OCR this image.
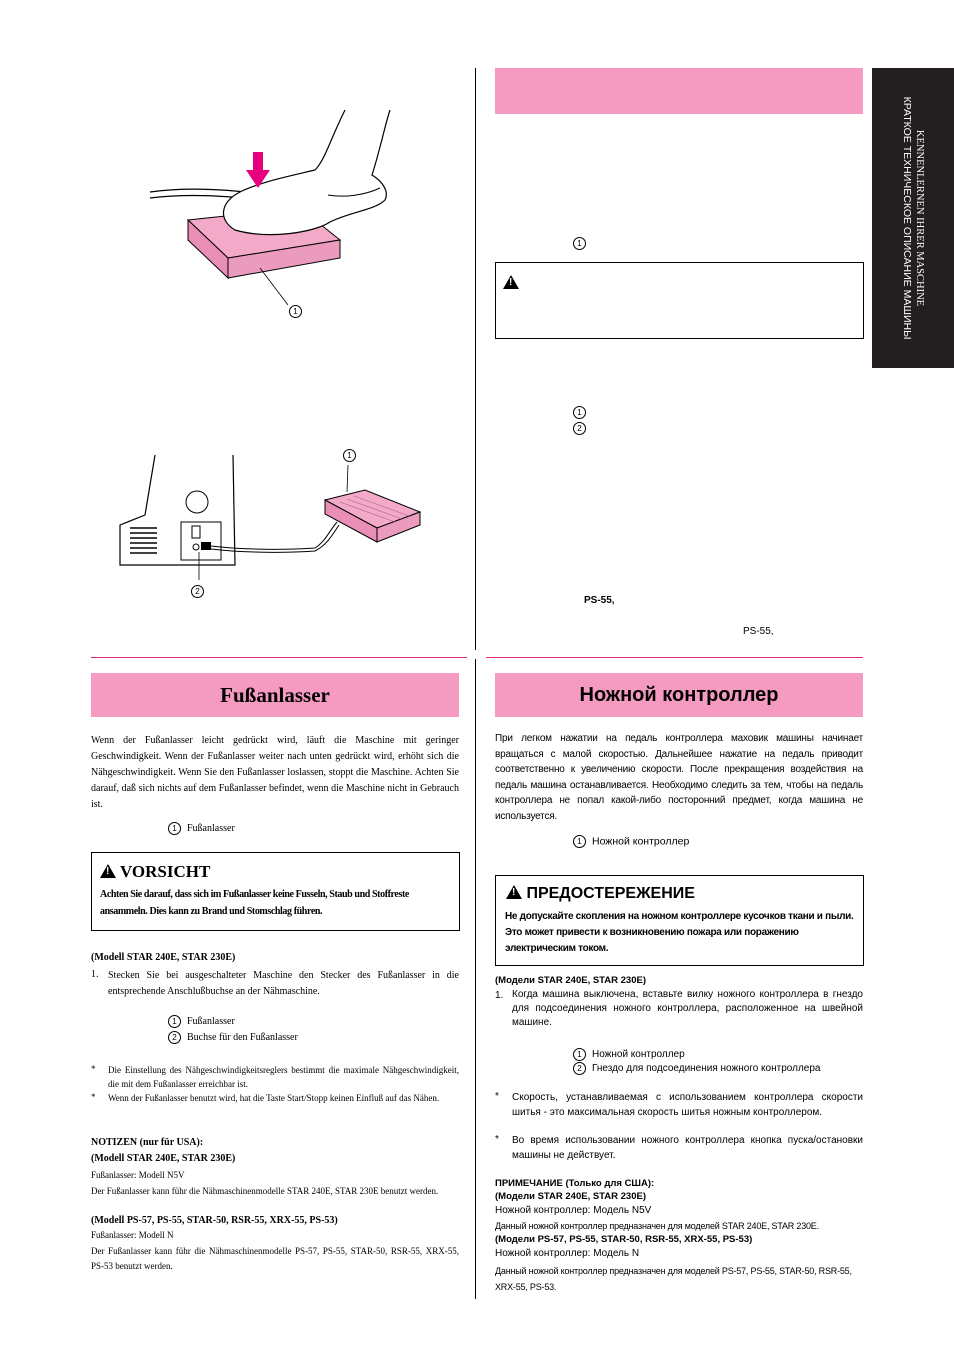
KENNENLERNEN IHRER MASCHINE
КРАТКОЕ ТЕХНИЧЕСКОЕ ОПИСАНИЕ МАШИНЫ
1
!
1
2
PS-55,
PS-55,
1
1
2
Fußanlasser
Wenn der Fußanlasser leicht gedrückt wird, läuft die Maschine mit geringer Geschwindigkeit. Wenn der Fußanlasser weiter nach unten gedrückt wird, erhöht sich die Nähgeschwindigkeit. Wenn Sie den Fußanlasser loslassen, stoppt die Maschine. Achten Sie darauf, daß sich nichts auf dem Fußanlasser befindet, wenn die Maschine nicht in Gebrauch ist.
1 Fußanlasser
! VORSICHT
Achten Sie darauf, dass sich im Fußanlasser keine Fusseln, Staub und Stoffreste ansammeln. Dies kann zu Brand und Stomschlag führen.
(Modell STAR 240E, STAR 230E)
1. Stecken Sie bei ausgeschalteter Maschine den Stecker des Fußanlasser in die entsprechende Anschlußbuchse an der Nähmaschine.
1 Fußanlasser
2 Buchse für den Fußanlasser
* Die Einstellung des Nähgeschwindigkeitsreglers bestimmt die maximale Nähgeschwindigkeit, die mit dem Fußanlasser erreichbar ist.
* Wenn der Fußanlasser benutzt wird, hat die Taste Start/Stopp keinen Einfluß auf das Nähen.
NOTIZEN (nur für USA):
(Modell STAR 240E, STAR 230E)
Fußanlasser: Modell N5V
Der Fußanlasser kann führ die Nähmaschinenmodelle STAR 240E, STAR 230E benutzt werden.
(Modell PS-57, PS-55, STAR-50, RSR-55, XRX-55, PS-53)
Fußanlasser: Modell N
Der Fußanlasser kann führ die Nähmaschinenmodelle PS-57, PS-55, STAR-50, RSR-55, XRX-55, PS-53 benutzt werden.
Ножной контроллер
При легком нажатии на педаль контроллера маховик машины начинает вращаться с малой скоростью. Дальнейшее нажатие на педаль приводит соответственно к увеличению скорости. После прекращения воздействия на педаль машина останавливается. Необходимо следить за тем, чтобы на педаль контроллера не попал какой-либо посторонний предмет, когда машина не используется.
1 Ножной контроллер
! ПРЕДОСТЕРЕЖЕНИЕ
Не допускайте скопления на ножном контроллере кусочков ткани и пыли. Это может привести к возникновению пожара или поражению электрическим током.
(Модели STAR 240E, STAR 230E)
1. Когда машина выключена, вставьте вилку ножного контроллера в гнездо для подсоединения ножного контроллера, расположенное на швейной машине.
1 Ножной контроллер
2 Гнездо для подсоединения ножного контроллера
* Скорость, устанавливаемая с использованием контроллера скорости шитья - это максимальная скорость шитья ножным контроллером.
* Во время использовании ножного контроллера кнопка пуска/остановки машины не действует.
ПРИМЕЧАНИЕ (Только для США):
(Модели STAR 240E, STAR 230E)
Ножной контроллер: Модель N5V
Данный ножной контроллер предназначен для моделей STAR 240E, STAR 230E.
(Модели PS-57, PS-55, STAR-50, RSR-55, XRX-55, PS-53)
Ножной контроллер: Модель N
Данный ножной контроллер предназначен для моделей PS-57, PS-55, STAR-50, RSR-55, XRX-55, PS-53.
